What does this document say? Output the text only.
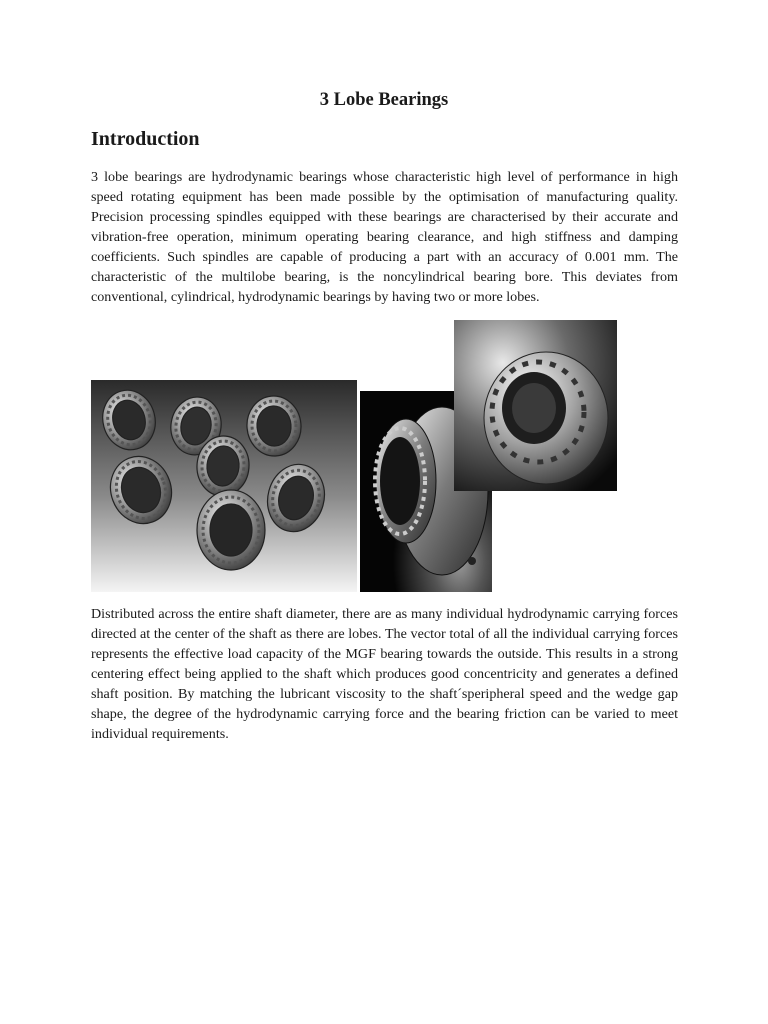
3 Lobe Bearings
Introduction

3 lobe bearings are hydrodynamic bearings whose characteristic high level of performance in high speed rotating equipment has been made possible by the optimisation of manufacturing quality. Precision processing spindles equipped with these bearings are characterised by their accurate and vibration-free operation, minimum operating bearing clearance, and high stiffness and damping coefficients. Such spindles are capable of producing a part with an accuracy of 0.001 mm. The characteristic of the multilobe bearing, is the noncylindrical bearing bore. This deviates from conventional, cylindrical, hydrodynamic bearings by having two or more lobes.

Distributed across the entire shaft diameter, there are as many individual hydrodynamic carrying forces directed at the center of the shaft as there are lobes. The vector total of all the individual carrying forces represents the effective load capacity of the MGF bearing towards the outside. This results in a strong centering effect being applied to the shaft which produces good concentricity and generates a defined shaft position. By matching the lubricant viscosity to the shaft´speripheral speed and the wedge gap shape, the degree of the hydrodynamic carrying force and the bearing friction can be varied to meet individual requirements.
